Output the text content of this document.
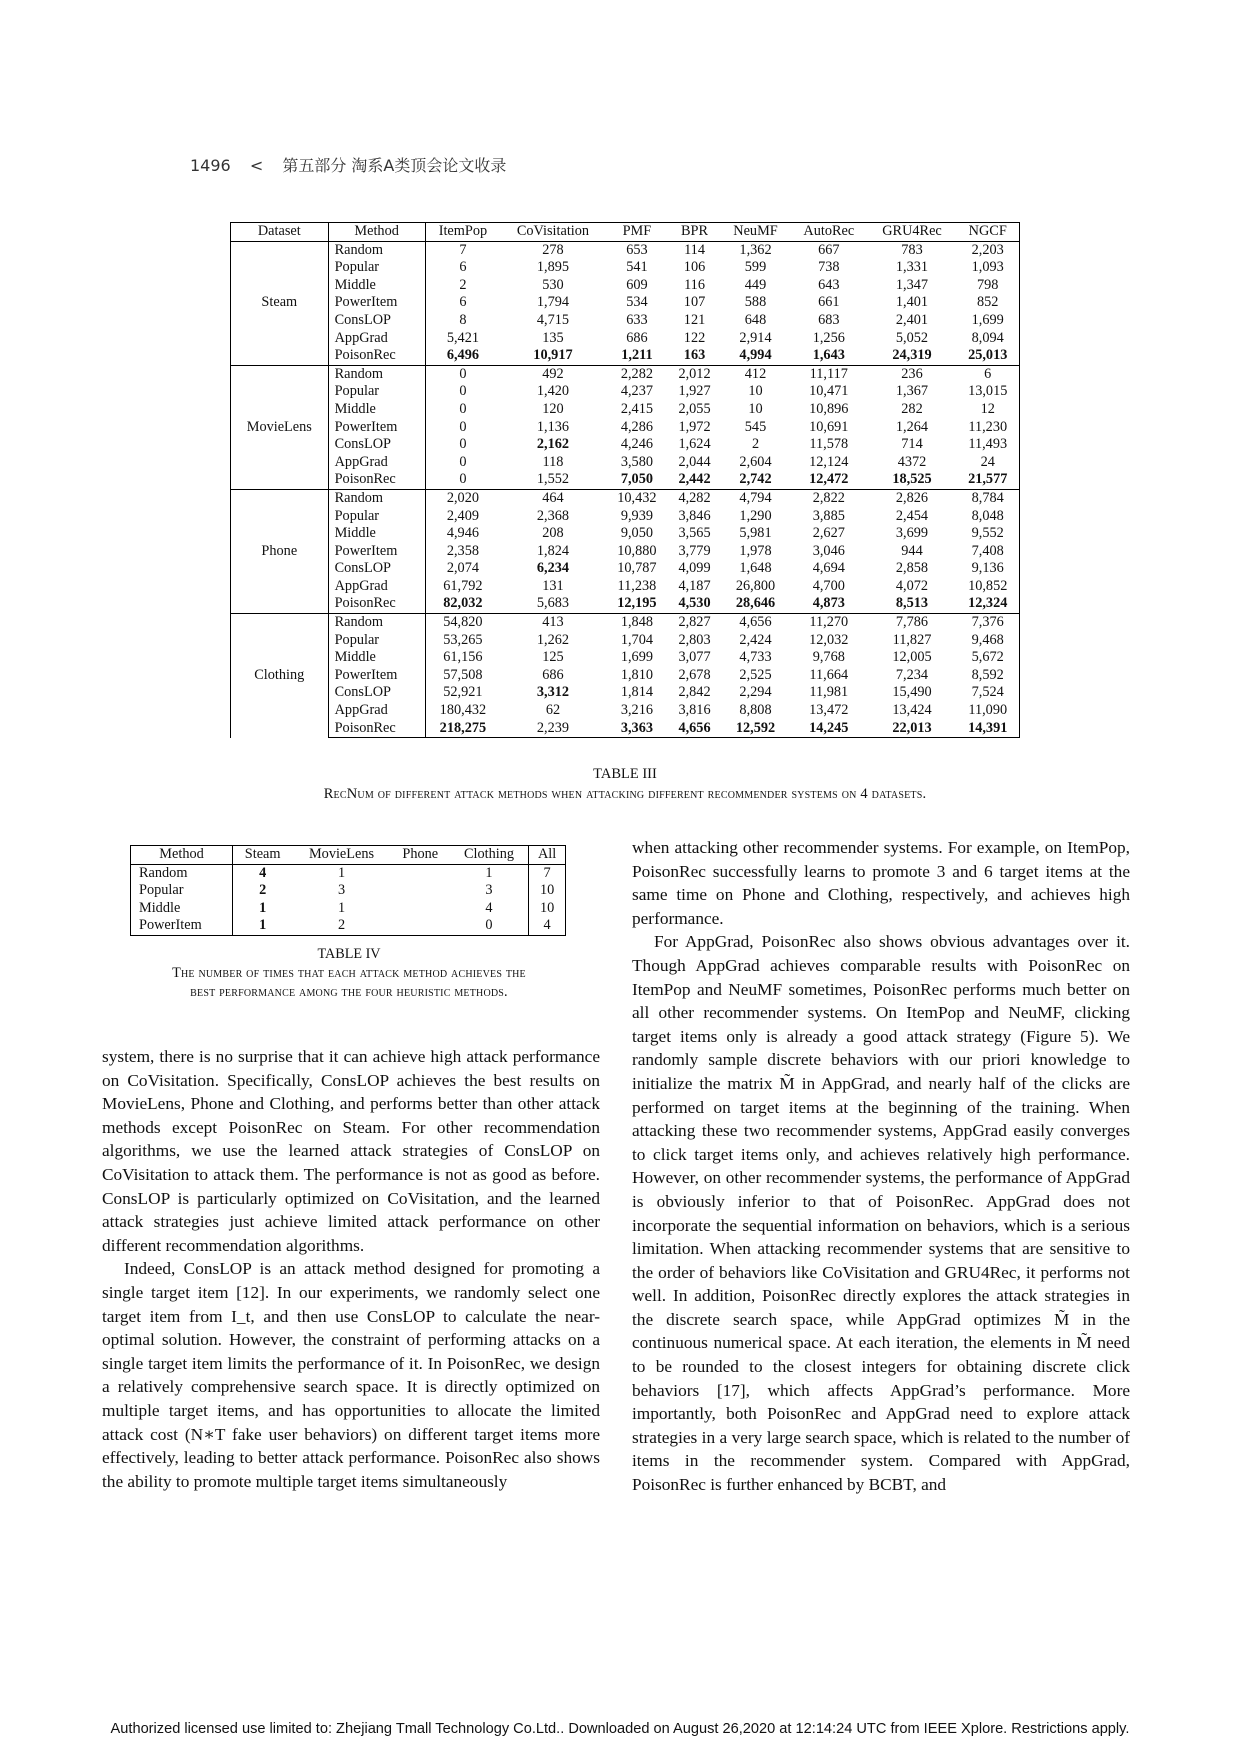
1496 < 第五部分 淘系A类顶会论文收录
Dataset	Method	ItemPop	CoVisitation	PMF	BPR	NeuMF	AutoRec	GRU4Rec	NGCF
Steam	Random	7	278	653	114	1,362	667	783	2,203
	Popular	6	1,895	541	106	599	738	1,331	1,093
	Middle	2	530	609	116	449	643	1,347	798
	PowerItem	6	1,794	534	107	588	661	1,401	852
	ConsLOP	8	4,715	633	121	648	683	2,401	1,699
	AppGrad	5,421	135	686	122	2,914	1,256	5,052	8,094
	PoisonRec	6,496	10,917	1,211	163	4,994	1,643	24,319	25,013
MovieLens	Random	0	492	2,282	2,012	412	11,117	236	6
	Popular	0	1,420	4,237	1,927	10	10,471	1,367	13,015
	Middle	0	120	2,415	2,055	10	10,896	282	12
	PowerItem	0	1,136	4,286	1,972	545	10,691	1,264	11,230
	ConsLOP	0	2,162	4,246	1,624	2	11,578	714	11,493
	AppGrad	0	118	3,580	2,044	2,604	12,124	4372	24
	PoisonRec	0	1,552	7,050	2,442	2,742	12,472	18,525	21,577
Phone	Random	2,020	464	10,432	4,282	4,794	2,822	2,826	8,784
	Popular	2,409	2,368	9,939	3,846	1,290	3,885	2,454	8,048
	Middle	4,946	208	9,050	3,565	5,981	2,627	3,699	9,552
	PowerItem	2,358	1,824	10,880	3,779	1,978	3,046	944	7,408
	ConsLOP	2,074	6,234	10,787	4,099	1,648	4,694	2,858	9,136
	AppGrad	61,792	131	11,238	4,187	26,800	4,700	4,072	10,852
	PoisonRec	82,032	5,683	12,195	4,530	28,646	4,873	8,513	12,324
Clothing	Random	54,820	413	1,848	2,827	4,656	11,270	7,786	7,376
	Popular	53,265	1,262	1,704	2,803	2,424	12,032	11,827	9,468
	Middle	61,156	125	1,699	3,077	4,733	9,768	12,005	5,672
	PowerItem	57,508	686	1,810	2,678	2,525	11,664	7,234	8,592
	ConsLOP	52,921	3,312	1,814	2,842	2,294	11,981	15,490	7,524
	AppGrad	180,432	62	3,216	3,816	8,808	13,472	13,424	11,090
	PoisonRec	218,275	2,239	3,363	4,656	12,592	14,245	22,013	14,391
TABLE III
RecNum of different attack methods when attacking different recommender systems on 4 datasets.
Method	Steam	MovieLens	Phone	Clothing	All
Random	4	1		1	7
Popular	2	3		3	10
Middle	1	1		4	10
PowerItem	1	2		0	4
TABLE IV
The number of times that each attack method achieves the
best performance among the four heuristic methods.

system, there is no surprise that it can achieve high attack performance on CoVisitation. Specifically, ConsLOP achieves the best results on MovieLens, Phone and Clothing, and performs better than other attack methods except PoisonRec on Steam. For other recommendation algorithms, we use the learned attack strategies of ConsLOP on CoVisitation to attack them. The performance is not as good as before. ConsLOP is particularly optimized on CoVisitation, and the learned attack strategies just achieve limited attack performance on other different recommendation algorithms.

Indeed, ConsLOP is an attack method designed for promoting a single target item [12]. In our experiments, we randomly select one target item from I_t, and then use ConsLOP to calculate the near-optimal solution. However, the constraint of performing attacks on a single target item limits the performance of it. In PoisonRec, we design a relatively comprehensive search space. It is directly optimized on multiple target items, and has opportunities to allocate the limited attack cost (N∗T fake user behaviors) on different target items more effectively, leading to better attack performance. PoisonRec also shows the ability to promote multiple target items simultaneously

when attacking other recommender systems. For example, on ItemPop, PoisonRec successfully learns to promote 3 and 6 target items at the same time on Phone and Clothing, respectively, and achieves high performance.

For AppGrad, PoisonRec also shows obvious advantages over it. Though AppGrad achieves comparable results with PoisonRec on ItemPop and NeuMF sometimes, PoisonRec performs much better on all other recommender systems. On ItemPop and NeuMF, clicking target items only is already a good attack strategy (Figure 5). We randomly sample discrete behaviors with our priori knowledge to initialize the matrix M̃ in AppGrad, and nearly half of the clicks are performed on target items at the beginning of the training. When attacking these two recommender systems, AppGrad easily converges to click target items only, and achieves relatively high performance. However, on other recommender systems, the performance of AppGrad is obviously inferior to that of PoisonRec. AppGrad does not incorporate the sequential information on behaviors, which is a serious limitation. When attacking recommender systems that are sensitive to the order of behaviors like CoVisitation and GRU4Rec, it performs not well. In addition, PoisonRec directly explores the attack strategies in the discrete search space, while AppGrad optimizes M̃ in the continuous numerical space. At each iteration, the elements in M̃ need to be rounded to the closest integers for obtaining discrete click behaviors [17], which affects AppGrad’s performance. More importantly, both PoisonRec and AppGrad need to explore attack strategies in a very large search space, which is related to the number of items in the recommender system. Compared with AppGrad, PoisonRec is further enhanced by BCBT, and

Authorized licensed use limited to: Zhejiang Tmall Technology Co.Ltd.. Downloaded on August 26,2020 at 12:14:24 UTC from IEEE Xplore. Restrictions apply.
